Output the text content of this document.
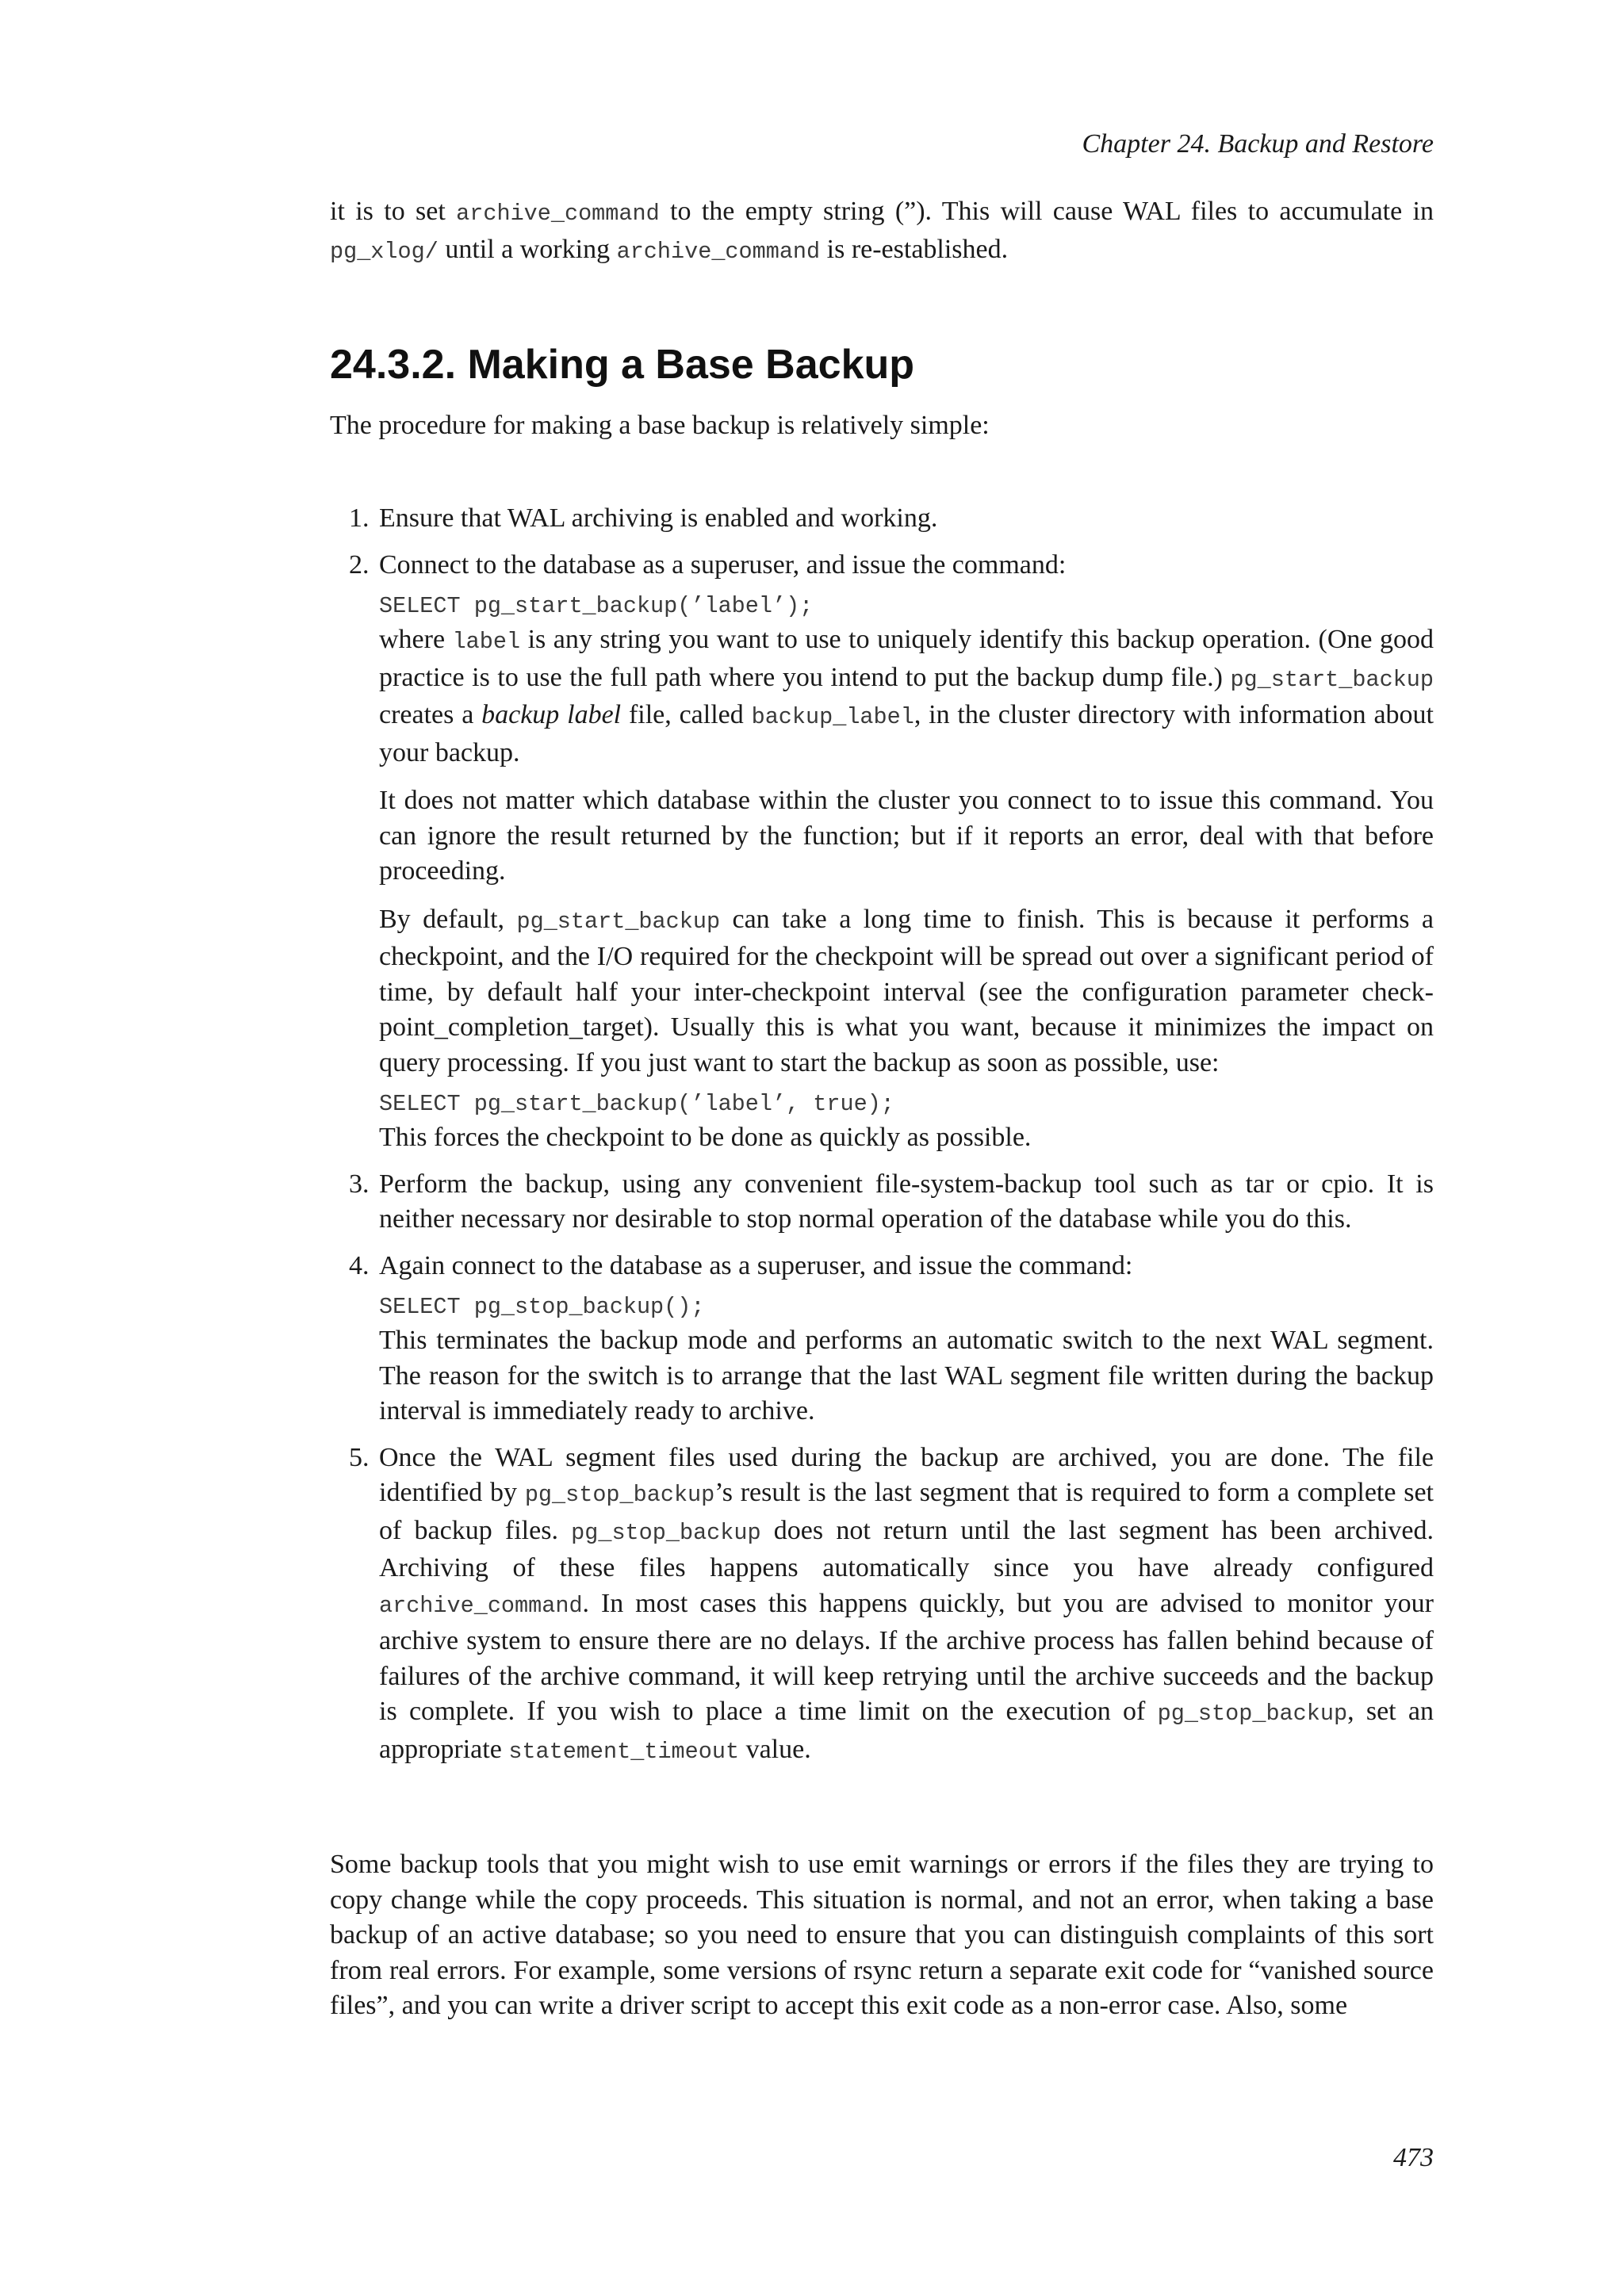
Chapter 24. Backup and Restore

it is to set archive_command to the empty string (”). This will cause WAL files to accumulate in pg_xlog/ until a working archive_command is re-established.

24.3.2. Making a Base Backup

The procedure for making a base backup is relatively simple:

1. Ensure that WAL archiving is enabled and working.

2. Connect to the database as a superuser, and issue the command:

SELECT pg_start_backup(’label’);

where label is any string you want to use to uniquely identify this backup operation. (One good practice is to use the full path where you intend to put the backup dump file.) pg_start_backup creates a backup label file, called backup_label, in the cluster directory with information about your backup.

It does not matter which database within the cluster you connect to to issue this command. You can ignore the result returned by the function; but if it reports an error, deal with that before proceeding.

By default, pg_start_backup can take a long time to finish. This is because it performs a checkpoint, and the I/O required for the checkpoint will be spread out over a significant period of time, by default half your inter-checkpoint interval (see the configuration parameter check-point_completion_target). Usually this is what you want, because it minimizes the impact on query processing. If you just want to start the backup as soon as possible, use:

SELECT pg_start_backup(’label’, true);

This forces the checkpoint to be done as quickly as possible.

3. Perform the backup, using any convenient file-system-backup tool such as tar or cpio. It is neither necessary nor desirable to stop normal operation of the database while you do this.

4. Again connect to the database as a superuser, and issue the command:

SELECT pg_stop_backup();

This terminates the backup mode and performs an automatic switch to the next WAL segment. The reason for the switch is to arrange that the last WAL segment file written during the backup interval is immediately ready to archive.

5. Once the WAL segment files used during the backup are archived, you are done. The file identified by pg_stop_backup’s result is the last segment that is required to form a complete set of backup files. pg_stop_backup does not return until the last segment has been archived. Archiving of these files happens automatically since you have already configured archive_command. In most cases this happens quickly, but you are advised to monitor your archive system to ensure there are no delays. If the archive process has fallen behind because of failures of the archive command, it will keep retrying until the archive succeeds and the backup is complete. If you wish to place a time limit on the execution of pg_stop_backup, set an appropriate statement_timeout value.

Some backup tools that you might wish to use emit warnings or errors if the files they are trying to copy change while the copy proceeds. This situation is normal, and not an error, when taking a base backup of an active database; so you need to ensure that you can distinguish complaints of this sort from real errors. For example, some versions of rsync return a separate exit code for “vanished source files”, and you can write a driver script to accept this exit code as a non-error case. Also, some

473
